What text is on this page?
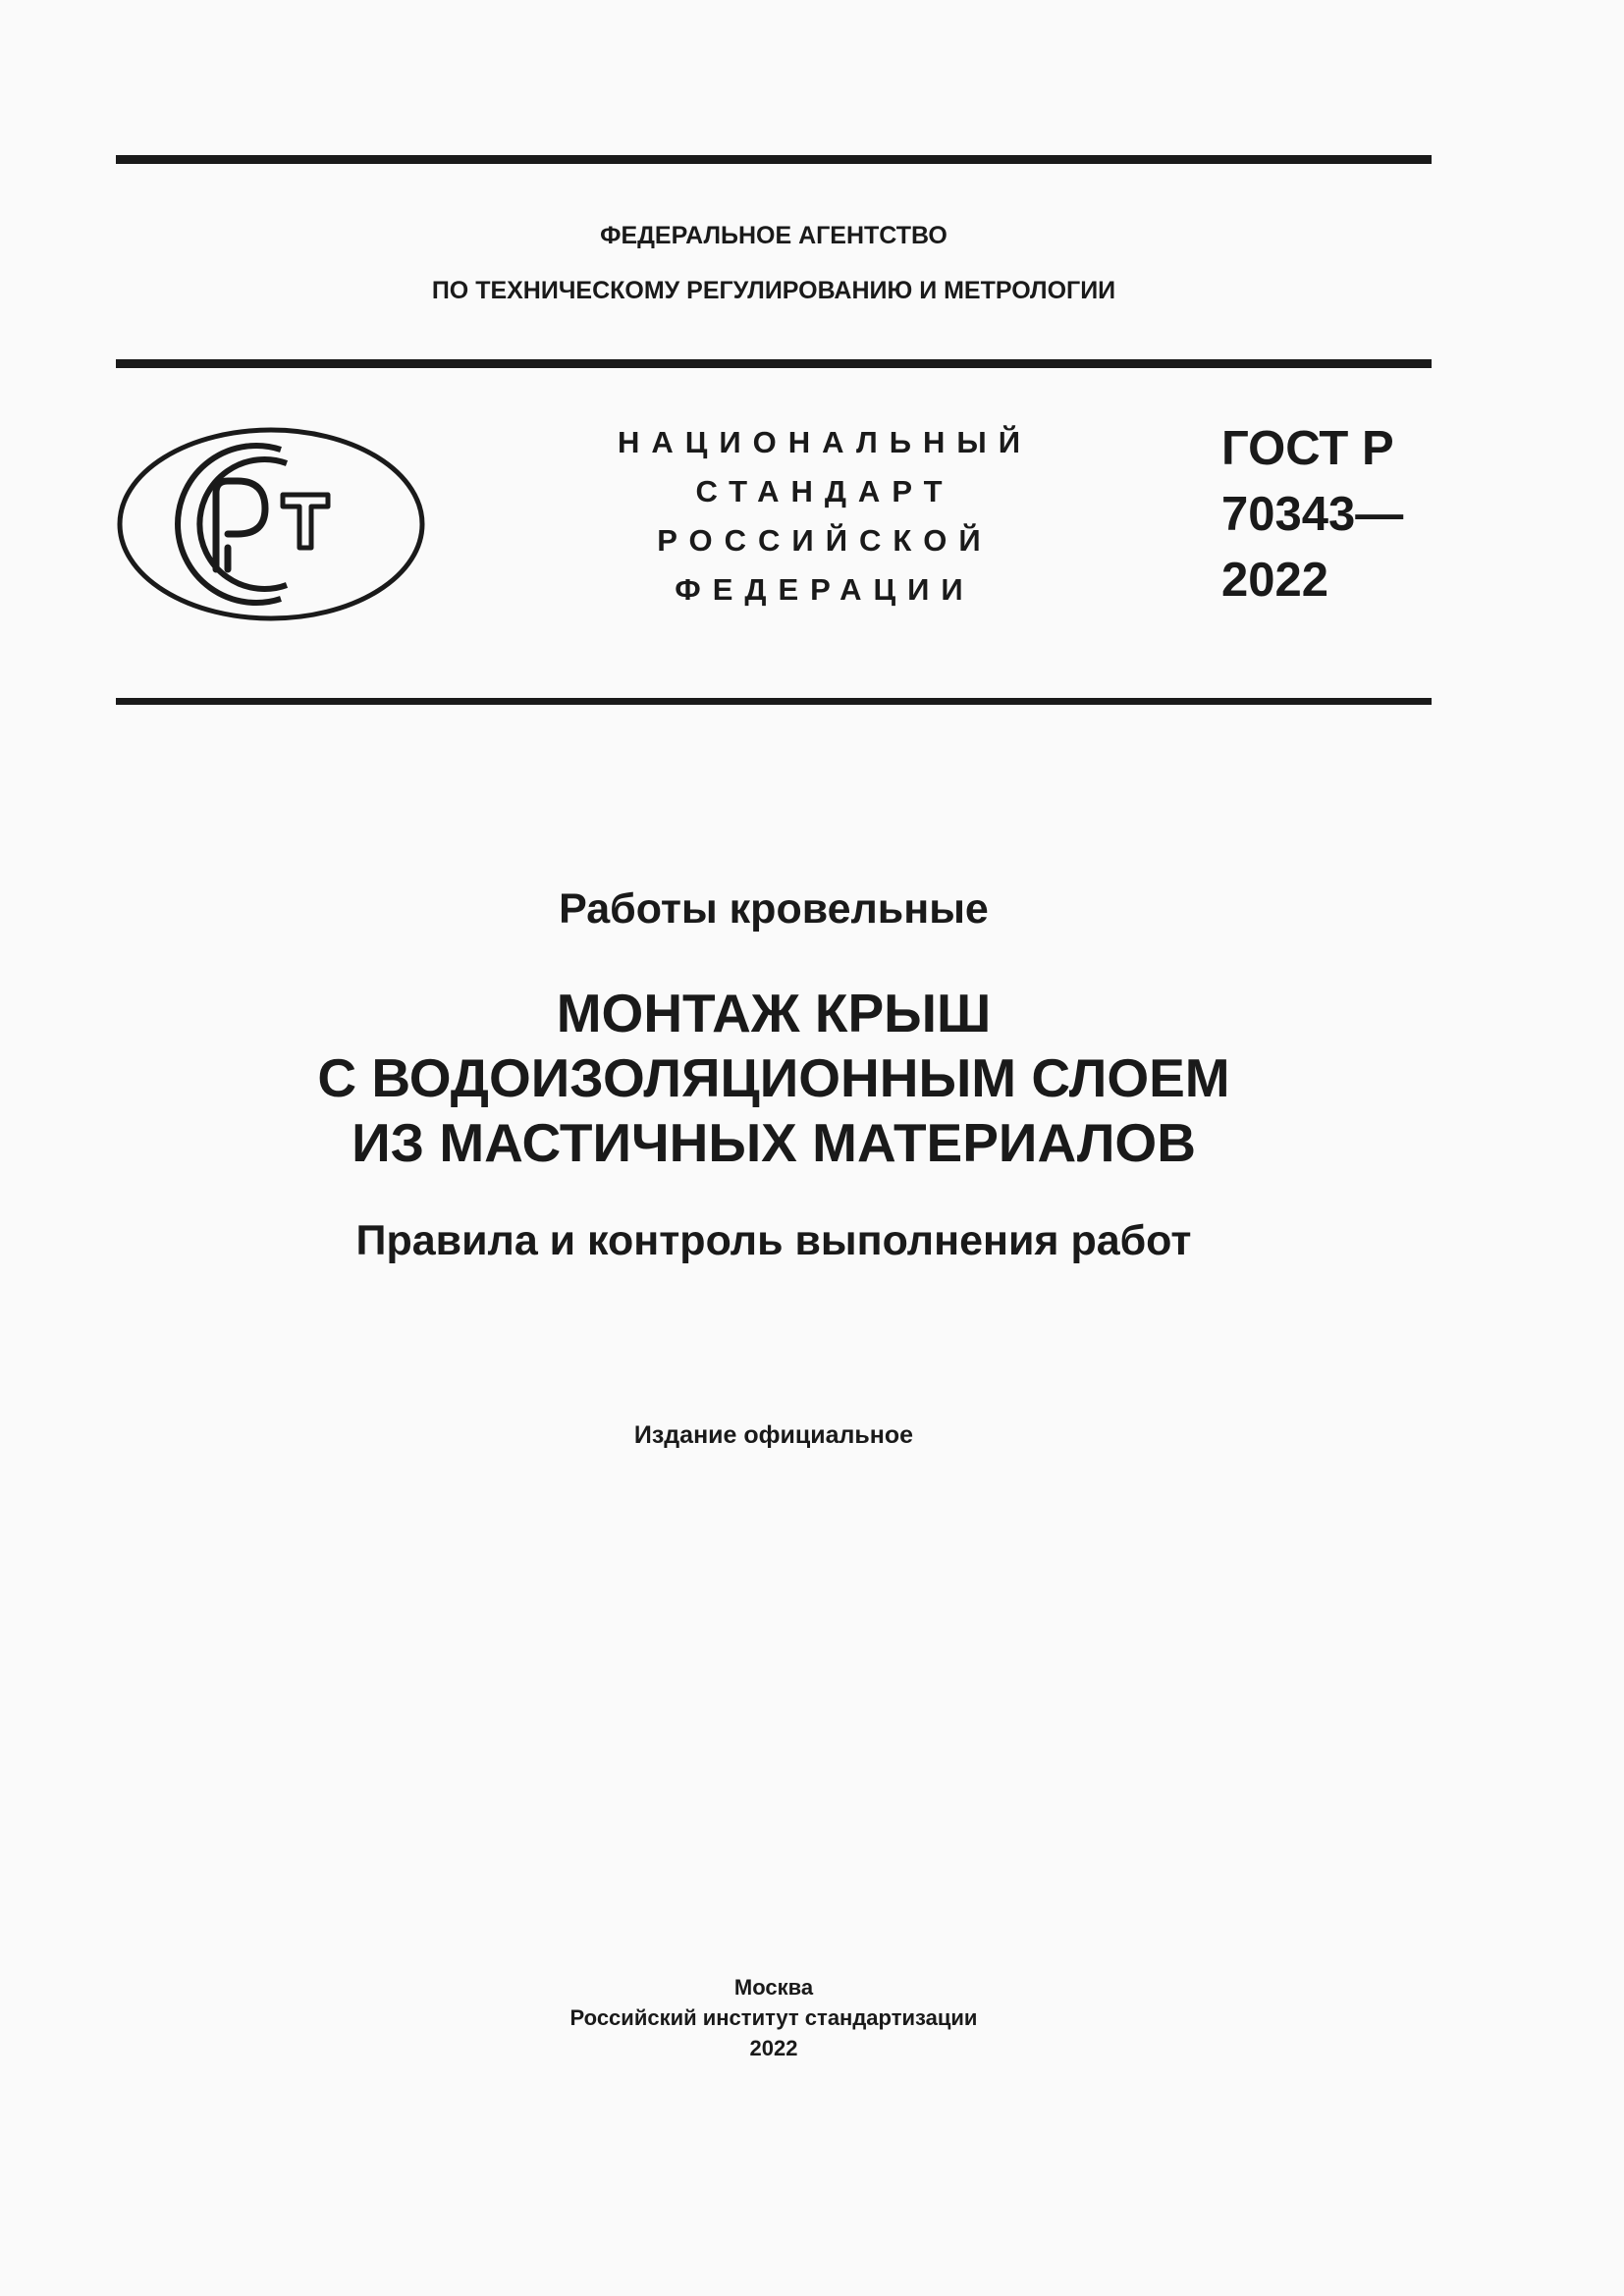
ФЕДЕРАЛЬНОЕ АГЕНТСТВО
ПО ТЕХНИЧЕСКОМУ РЕГУЛИРОВАНИЮ И МЕТРОЛОГИИ
НАЦИОНАЛЬНЫЙ
СТАНДАРТ
РОССИЙСКОЙ
ФЕДЕРАЦИИ
ГОСТ Р
70343—
2022
Работы кровельные
МОНТАЖ КРЫШ
С ВОДОИЗОЛЯЦИОННЫМ СЛОЕМ
ИЗ МАСТИЧНЫХ МАТЕРИАЛОВ
Правила и контроль выполнения работ
Издание официальное
Москва
Российский институт стандартизации
2022
